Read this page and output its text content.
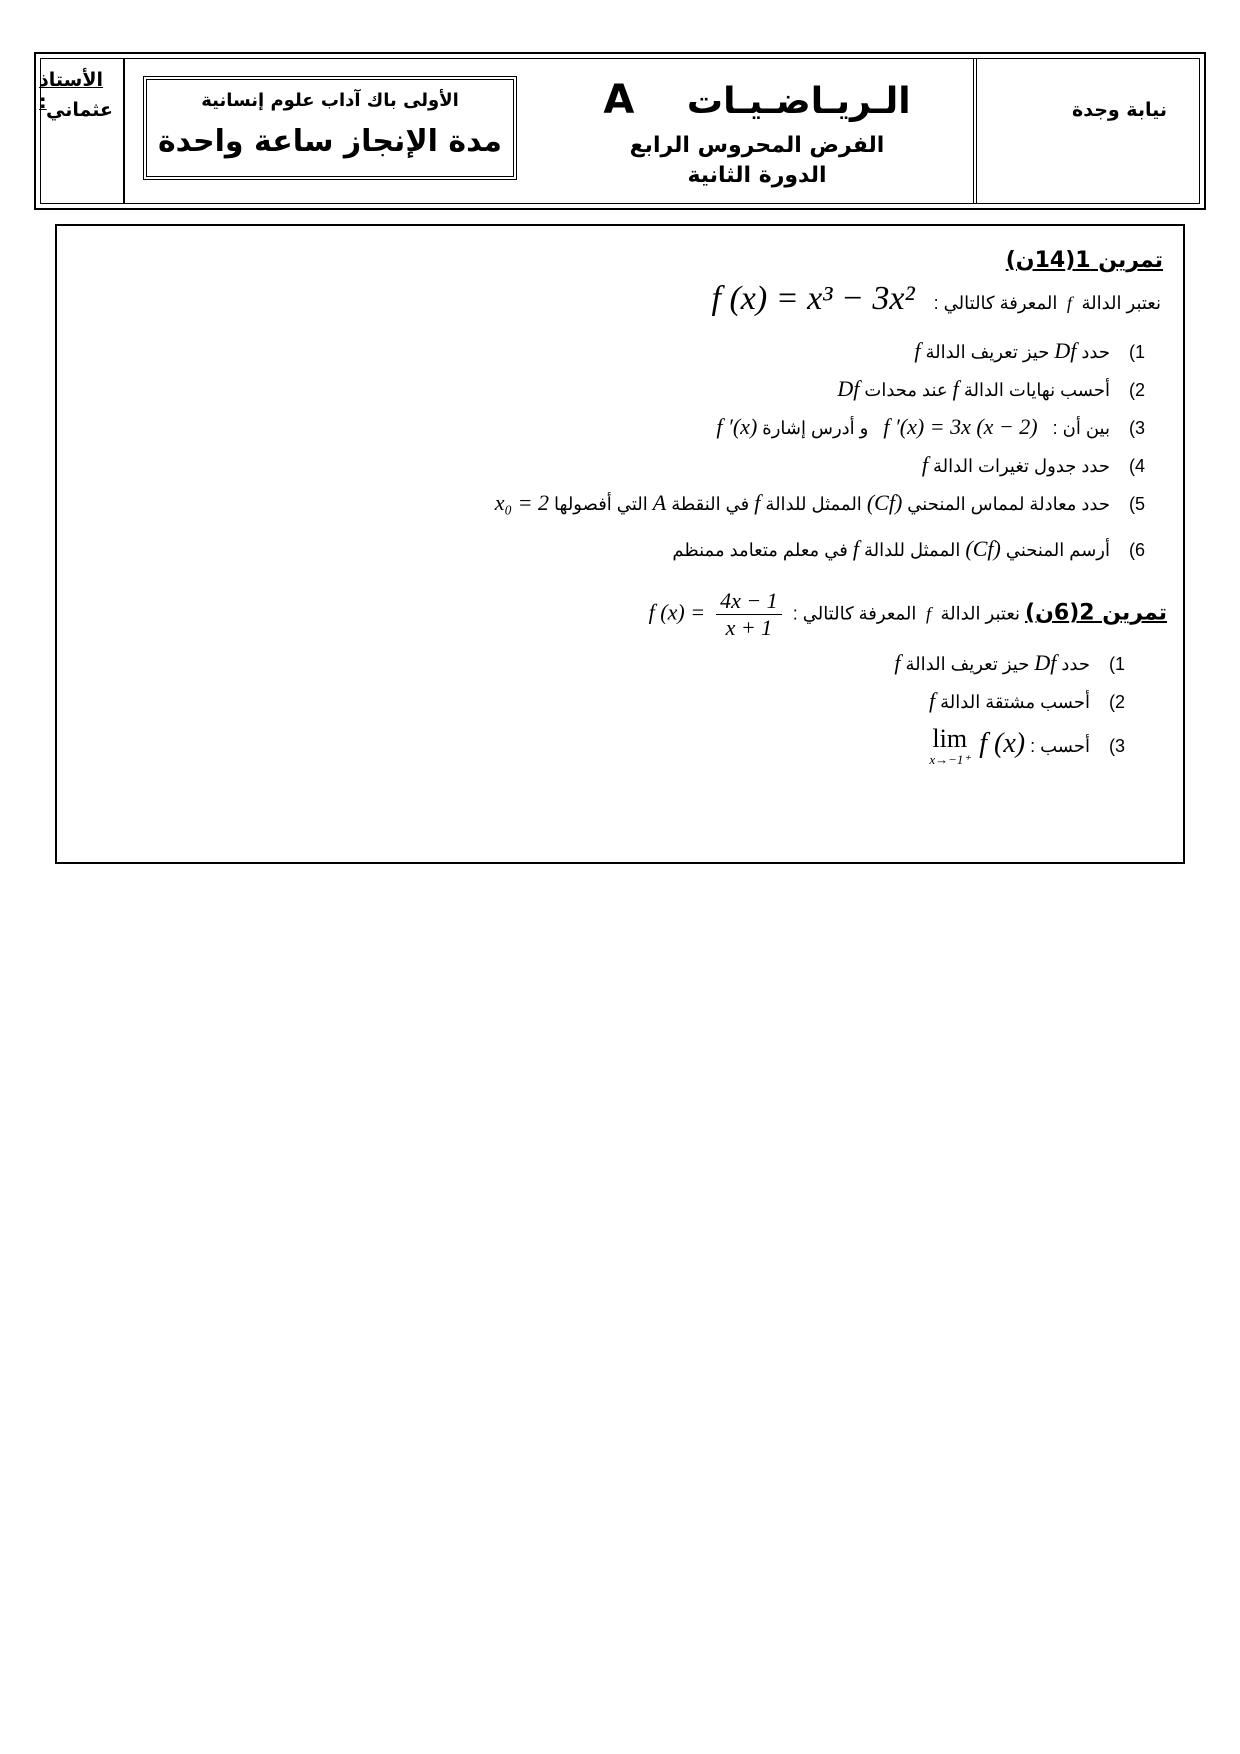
نيابة وجدة
A الـريـاضـيـات
الفرض المحروس الرابع
الدورة الثانية
الأولى باك آداب علوم إنسانية
مدة الإنجاز ساعة واحدة
الأستاذ : عثماني
تمرين 1(14ن)
نعتبر الدالة  f  المعرفة كالتالي : f (x) = x³ − 3x²
1) حدد Df حيز تعريف الدالة f
2) أحسب نهايات الدالة f عند محدات Df
3) بين أن : f ′(x) = 3x (x − 2) و أدرس إشارة f ′(x)
4) حدد جدول تغيرات الدالة f
5) حدد معادلة لمماس المنحني (Cf) الممثل للدالة f في النقطة A التي أفصولها x₀ = 2
6) أرسم المنحني (Cf) الممثل للدالة f في معلم متعامد ممنظم
تمرين 2(6ن) نعتبر الدالة  f  المعرفة كالتالي :
$\frac{4x - 1}{x + 1}$
f (x) =
1) حدد Df حيز تعريف الدالة f
2) أحسب مشتقة الدالة f
3) أحسب : f (x)
lim
x→−1⁺
